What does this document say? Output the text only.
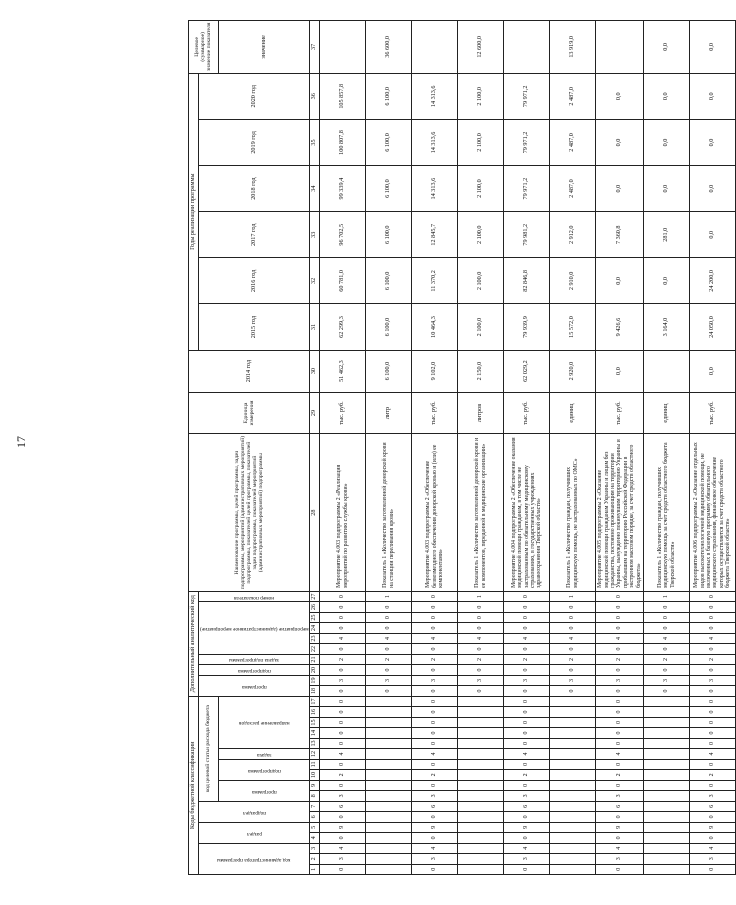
17
Коды бюджетной классификации																	Дополнительный аналитический код										Наименование программы, целей программы, задач подпрограммы, мероприятий (административных мероприятий) подпрограммы, показателей целей программы, показателей задач подпрограммы, показателей мероприятий (административных мероприятий) подпрограммы	Единица измерения	2014 год	Годы реализации программы						Целевое (суммарное) значение показателя

код администратора программы			раздел		подраздел		код целевой статьи расхода бюджета										программа		подпрограмма	задача подпрограммы	мероприятие (административное мероприятие)					номер показателя				2015 год	2016 год	2017 год	2018 год	2019 год	2020 год	

							программа		подпрограмма		задача	направление расходов																								значение
1	2	3	4	5	6	7	8	9	10	11	12	13	14	15	16	17	18	19	20	21	22	23	24	25	26	27	28	29	30	31	32	33	34	35	36	37
0	3	4	0	9	0	6	3	0	2	0	4	0	0	0	0	0	0	3	0	2	0	4	0	0	0	0	Мероприятие 4.003 подпрограммы 2 «Реализация мероприятий по развитию службы крови»	тыс. руб.	51 462,3	62 299,3	60 781,0	96 702,5	99 339,4	100 807,8	105 857,8	
																	0	3	0	2	0	4	0	0	0	1	Показатель 1 «Количество заготовленной донорской крови на станции переливания крови»	литр	6 100,0	6 100,0	6 100,0	6 100,0	6 100,0	6 100,0	6 100,0	36 600,0
0	3	4	0	9	0	6	3	0	2	0	4	0	0	0	0	0	0	3	0	2	0	4	0	0	0	0	Мероприятие 4.003 подпрограммы 2 «Обеспечение безвозмездного обеспечения донорской кровью и (или) ее компонентами»	тыс. руб.	9 102,0	10 464,3	11 370,2	12 845,7	14 313,6	14 313,6	14 313,6	
																	0	3	0	2	0	4	0	0	0	1	Показатель 1 «Количество заготовленной донорской крови и ее компонентов, переданной в медицинские организации»	литров	2 150,0	2 100,0	2 100,0	2 100,0	2 100,0	2 100,0	2 100,0	12 600,0
0	3	4	0	9	0	6	3	0	2	0	4	0	0	0	0	0	0	3	0	2	0	4	0	0	0	0	Мероприятие 4.004 подпрограммы 2 «Обеспечение оказания медицинской помощи гражданам, в том числе не застрахованным по обязательному медицинскому страхованию, в государственных учреждениях здравоохранения Тверской области»	тыс. руб.	62 029,2	79 939,9	82 846,8	79 981,2	79 971,2	79 971,2	79 971,2	
																	0	3	0	2	0	4	0	0	0	1	Показатель 1 «Количество граждан, получивших медицинскую помощь, не застрахованных по ОМС»	единиц	2 920,0	15 572,0	2 910,0	2 912,0	2 487,0	2 487,0	2 487,0	13 919,0
0	3	4	0	9	0	6	3	0	2	0	4	0	0	0	0	0	0	3	0	2	0	4	0	0	0	0	Мероприятие 4.005 подпрограммы 2 «Оказание медицинской помощи гражданам Украины и лицам без гражданства, постоянно проживающим на территории Украины, вынужденно покинувшим территорию Украины и прибывшим на территорию Российской Федерации в экстренном массовом порядке, за счет средств областного бюджета»	тыс. руб.	0,0	9 426,6	0,0	7 360,8	0,0	0,0	0,0	
																	0	3	0	2	0	4	0	0	0	1	Показатель 1 «Количество граждан, получивших медицинскую помощь за счет средств областного бюджета Тверской области»	единиц		3 164,0	0,0	281,0	0,0	0,0	0,0	0,0
0	3	4	0	9	0	6	3	0	2	0	4	0	0	0	0	0	0	3	0	2	0	4	0	0	0	0	Мероприятие 4.006 подпрограммы 2 «Оказание отдельных видов высокотехнологичной медицинской помощи, не включенных в базовую программу обязательного медицинского страхования, финансовое обеспечение которых осуществляется за счет средств областного бюджета Тверской области»	тыс. руб.	0,0	24 050,0	24 200,0	0,0	0,0	0,0	0,0	0,0
